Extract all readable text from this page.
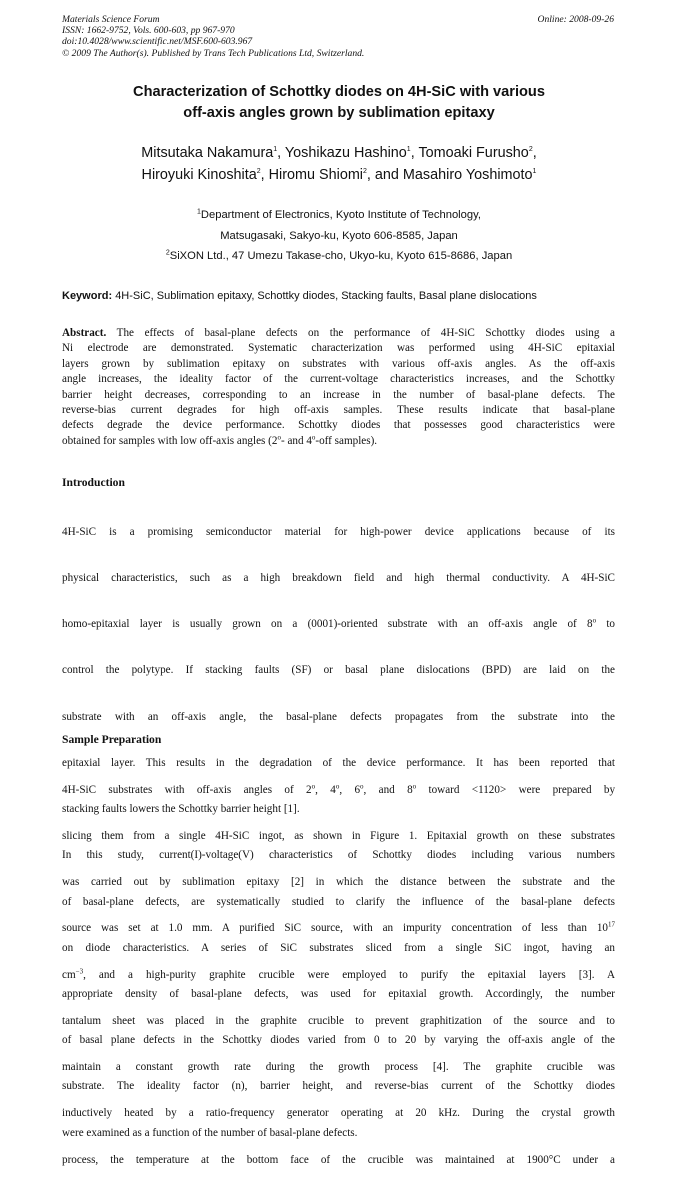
Materials Science Forum
ISSN: 1662-9752, Vols. 600-603, pp 967-970
doi:10.4028/www.scientific.net/MSF.600-603.967
© 2009 The Author(s). Published by Trans Tech Publications Ltd, Switzerland.
Online: 2008-09-26
Characterization of Schottky diodes on 4H-SiC with various
off-axis angles grown by sublimation epitaxy
Mitsutaka Nakamura$^1$, Yoshikazu Hashino$^1$, Tomoaki Furusho$^2$,
Hiroyuki Kinoshita$^2$, Hiromu Shiomi$^2$, and Masahiro Yoshimoto$^1$
$^1$Department of Electronics, Kyoto Institute of Technology,
Matsugasaki, Sakyo-ku, Kyoto 606-8585, Japan
$^2$SiXON Ltd., 47 Umezu Takase-cho, Ukyo-ku, Kyoto 615-8686, Japan
Keyword: 4H-SiC, Sublimation epitaxy, Schottky diodes, Stacking faults, Basal plane dislocations
Abstract. The effects of basal-plane defects on the performance of 4H-SiC Schottky diodes using a
Ni electrode are demonstrated. Systematic characterization was performed using 4H-SiC epitaxial
layers grown by sublimation epitaxy on substrates with various off-axis angles. As the off-axis
angle increases, the ideality factor of the current-voltage characteristics increases, and the Schottky
barrier height decreases, corresponding to an increase in the number of basal-plane defects. The
reverse-bias current degrades for high off-axis samples. These results indicate that basal-plane
defects degrade the device performance. Schottky diodes that possesses good characteristics were
obtained for samples with low off-axis angles (2$^o$- and 4$^o$-off samples).
Introduction

4H-SiC is a promising semiconductor material for high-power device applications because of its

physical characteristics, such as a high breakdown field and high thermal conductivity. A 4H-SiC

homo-epitaxial layer is usually grown on a (0001)-oriented substrate with an off-axis angle of 8$^o$ to

control the polytype. If stacking faults (SF) or basal plane dislocations (BPD) are laid on the

substrate with an off-axis angle, the basal-plane defects propagates from the substrate into the

epitaxial layer. This results in the degradation of the device performance. It has been reported that

stacking faults lowers the Schottky barrier height [1].

In this study, current(I)-voltage(V) characteristics of Schottky diodes including various numbers

of basal-plane defects, are systematically studied to clarify the influence of the basal-plane defects

on diode characteristics. A series of SiC substrates sliced from a single SiC ingot, having an

appropriate density of basal-plane defects, was used for epitaxial growth. Accordingly, the number

of basal plane defects in the Schottky diodes varied from 0 to 20 by varying the off-axis angle of the

substrate. The ideality factor (n), barrier height, and reverse-bias current of the Schottky diodes

were examined as a function of the number of basal-plane defects.

Sample Preparation

4H-SiC substrates with off-axis angles of 2$^o$, 4$^o$, 6$^o$, and 8$^o$ toward <1120> were prepared by

slicing them from a single 4H-SiC ingot, as shown in Figure 1. Epitaxial growth on these substrates

was carried out by sublimation epitaxy [2] in which the distance between the substrate and the

source was set at 1.0 mm. A purified SiC source, with an impurity concentration of less than $10^{17}$

$cm^{-3}$, and a high-purity graphite crucible were employed to purify the epitaxial layers [3]. A

tantalum sheet was placed in the graphite crucible to prevent graphitization of the source and to

maintain a constant growth rate during the growth process [4]. The graphite crucible was

inductively heated by a ratio-frequency generator operating at 20 kHz. During the crystal growth

process, the temperature at the bottom face of the crucible was maintained at 1900°C under a
